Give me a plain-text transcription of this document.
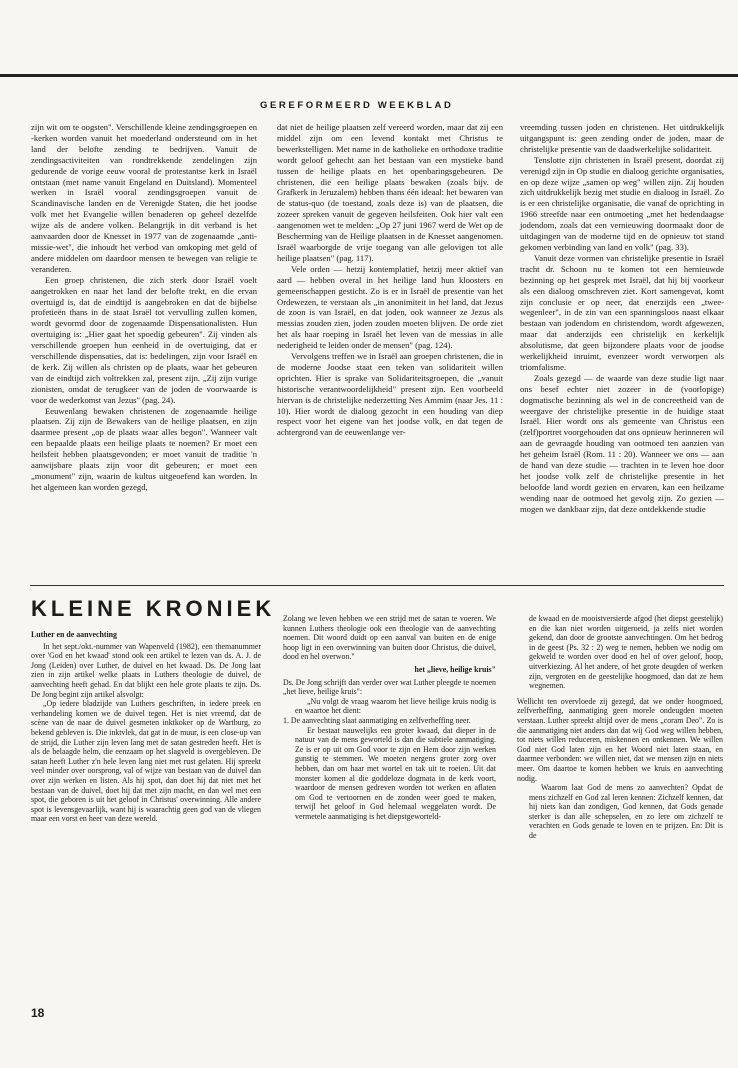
GEREFORMEERD WEEKBLAD

zijn wit om te oogsten". Verschillende kleine zendingsgroepen en -kerken worden vanuit het moederland ondersteund om in het land der belofte zending te bedrijven. Vanuit de zendingsactiviteiten van rondtrekkende zendelingen zijn gedurende de vorige eeuw vooral de protestantse kerk in Israël ontstaan (met name vanuit Engeland en Duitsland). Momenteel werken in Israël vooral zendingsgroepen vanuit de Scandinavische landen en de Verenigde Staten, die het joodse volk met het Evangelie willen benaderen op geheel dezelfde wijze als de andere volken. Belangrijk in dit verband is het aanvaarden door de Knesset in 1977 van de zogenaamde „anti-missie-wet", die inhoudt het verbod van omkoping met geld of andere middelen om daardoor mensen te bewegen van religie te veranderen.

Een groep christenen, die zich sterk door Israël voelt aangetrokken en naar het land der belofte trekt, en die ervan overtuigd is, dat de eindtijd is aangebroken en dat de bijbelse profetieën thans in de staat Israël tot vervulling zullen komen, wordt gevormd door de zogenaamde Dispensationalisten. Hun overtuiging is: „Hier gaat het spoedig gebeuren". Zij vinden als verschillende groepen hun eenheid in de overtuiging, dat er verschillende dispensaties, dat is: bedelingen, zijn voor Israël en de kerk. Zij willen als christen op de plaats, waar het gebeuren van de eindtijd zich voltrekken zal, present zijn. „Zij zijn vurige zionisten, omdat de terugkeer van de joden de voorwaarde is voor de wederkomst van Jezus" (pag. 24).

Eeuwenlang bewaken christenen de zogenaamde heilige plaatsen. Zij zijn de Bewakers van de heilige plaatsen, en zijn daarmee present „op de plaats waar alles begon". Wanneer valt een bepaalde plaats een heilige plaats te noemen? Er moet een heilsfeit hebben plaatsgevonden; er moet vanuit de traditie 'n aanwijsbare plaats zijn voor dit gebeuren; er moet een „monument" zijn, waarin de kultus uitgeoefend kan worden. In het algemeen kan worden gezegd,

dat niet de heilige plaatsen zelf vereerd worden, maar dat zij een middel zijn om een levend kontakt met Christus te bewerkstelligen. Met name in de katholieke en orthodoxe traditie wordt geloof gehecht aan het bestaan van een mystieke band tussen de heilige plaats en het openbaringsgebeuren. De christenen, die een heilige plaats bewaken (zoals bijv. de Grafkerk in Jeruzalem) hebben thans één ideaal: het bewaren van de status-quo (de toestand, zoals deze is) van de plaatsen, die zozeer spreken vanuit de gegeven heilsfeiten. Ook hier valt een aangenomen wet te melden: „Op 27 juni 1967 werd de Wet op de Bescherming van de Heilige plaatsen in de Knesset aangenomen. Israël waarborgde de vrije toegang van alle gelovigen tot alle heilige plaatsen" (pag. 117).

Vele orden — hetzij kontemplatief, hetzij meer aktief van aard — hebben overal in het heilige land hun kloosters en gemeenschappen gesticht. Zo is er in Israël de presentie van het Ordewezen, te verstaan als „in anonimiteit in het land, dat Jezus de zoon is van Israël, en dat joden, ook wanneer ze Jezus als messias zouden zien, joden zouden moeten blijven. De orde ziet het als haar roeping in Israël het leven van de messias in alle nederigheid te leiden onder de mensen" (pag. 124).

Vervolgens treffen we in Israël aan groepen christenen, die in de moderne Joodse staat een teken van solidariteit willen oprichten. Hier is sprake van Solidariteitsgroepen, die „vanuit historische verantwoordelijkheid" present zijn. Een voorbeeld hiervan is de christelijke nederzetting Nes Ammim (naar Jes. 11 : 10). Hier wordt de dialoog gezocht in een houding van diep respect voor het eigene van het joodse volk, en dat tegen de achtergrond van de eeuwenlange ver-

vreemding tussen joden en christenen. Het uitdrukkelijk uitgangspunt is: geen zending onder de joden, maar de christelijke presentie van de daadwerkelijke solidariteit.

Tenslotte zijn christenen in Israël present, doordat zij verenigd zijn in Op studie en dialoog gerichte organisaties, en op deze wijze „samen op weg" willen zijn. Zij houden zich uitdrukkelijk bezig met studie en dialoog in Israël. Zo is er een christelijke organisatie, die vanaf de oprichting in 1966 streefde naar een ontmoeting „met het hedendaagse jodendom, zoals dat een vernieuwing doormaakt door de uitdagingen van de moderne tijd en de opnieuw tot stand gekomen verbinding van land en volk" (pag. 33).

Vanuit deze vormen van christelijke presentie in Israël tracht dr. Schoon nu te komen tot een hernieuwde bezinning op het gesprek met Israël, dat hij bij voorkeur als een dialoog omschreven ziet. Kort samengevat, komt zijn conclusie er op neer, dat enerzijds een „twee-wegenleer", in de zin van een spanningsloos naast elkaar bestaan van jodendom en christendom, wordt afgewezen, maar dat anderzijds een christelijk en kerkelijk absolutisme, dat geen bijzondere plaats voor de joodse werkelijkheid inruimt, evenzeer wordt verworpen als triomfalisme.

Zoals gezegd — de waarde van deze studie ligt naar ons besef echter niet zozeer in de (voorlopige) dogmatische bezinning als wel in de concreetheid van de weergave der christelijke presentie in de huidige staat Israël. Hier wordt ons als gemeente van Christus een (zelf)portret voorgehouden dat ons opnieuw herinneren wil aan de gevraagde houding van ootmoed ten aanzien van het geheim Israël (Rom. 11 : 20). Wanneer we ons — aan de hand van deze studie — trachten in te leven hoe door het joodse volk zelf de christelijke presentie in het beloofde land wordt gezien en ervaren, kan een heilzame wending naar de ootmoed het gevolg zijn. Zo gezien — mogen we dankbaar zijn, dat deze ontdekkende studie

KLEINE KRONIEK

Luther en de aanvechting

In het sept./okt.-nummer van Wapenveld (1982), een themanummer over 'God en het kwaad' stond ook een artikel te lezen van ds. A. J. de Jong (Leiden) over Luther, de duivel en het kwaad. Ds. De Jong laat zien in zijn artikel welke plaats in Luthers theologie de duivel, de aanvechting heeft gehad. En dat blijkt een hele grote plaats te zijn. Ds. De Jong begint zijn artikel alsvolgt:

„Op iedere bladzijde van Luthers geschriften, in iedere preek en verhandeling komen we de duivel tegen. Het is niet vreemd, dat de scène van de naar de duivel gesmeten inktkoker op de Wartburg, zo bekend gebleven is. Die inktvlek, dat gat in de muur, is een close-up van de strijd, die Luther zijn leven lang met de satan gestreden heeft. Het is als de belaagde helm, die eenzaam op het slagveld is overgebleven. De satan heeft Luther z'n hele leven lang niet met rust gelaten. Hij spreekt veel minder over oorsprong, val of wijze van bestaan van de duivel dan over zijn werken en listen. Als hij spot, dan doet hij dat niet met het bestaan van de duivel, doet hij dat met zijn macht, en dan wel met een spot, die geboren is uit het geloof in Christus' overwinning. Alle andere spot is levensgevaarlijk, want hij is waarachtig geen god van de vliegen maar een vorst en heer van deze wereld.

Zolang we leven hebben we een strijd met de satan te voeren. We kunnen Luthers theologie ook een theologie van de aanvechting noemen. Dit woord duidt op een aanval van buiten en de enige hoop ligt in een overwinning van buiten door Christus, die duivel, dood en hel overwon."

het „lieve, heilige kruis"

Ds. De Jong schrijft dan verder over wat Luther pleegde te noemen „het lieve, heilige kruis":

„Nu volgt de vraag waarom het lieve heilige kruis nodig is en waartoe het dient:

1. De aanvechting slaat aanmatiging en zelfverheffing neer.

Er bestaat nauwelijks een groter kwaad, dat dieper in de natuur van de mens geworteld is dan die subtiele aanmatiging. Ze is er op uit om God voor te zijn en Hem door zijn werken gunstig te stemmen. We moeten nergens groter zorg over hebben, dan om haar met wortel en tak uit te roeien. Uit dat monster komen al die goddeloze dogmata in de kerk voort, waardoor de mensen gedreven worden tot werken en aflaten om God te vertoornen en de zonden weer goed te maken, terwijl het geloof in God helemaal weggelaten wordt. De vermetele aanmatiging is het diepstgeworteld-

de kwaad en de mooistversierde afgod (het diepst geestelijk) en die kan niet worden uitgeroeid, ja zelfs niet worden gekend, dan door de grootste aanvechtingen. Om het bedrog in de geest (Ps. 32 : 2) weg te nemen, hebben we nodig om gekweld te worden over dood en hel of over geloof, hoop, uitverkiezing. Al het andere, of het grote deugden of werken zijn, vergroten en de geestelijke hoogmoed, dan dat ze hem wegnemen.

Wellicht ten overvloede zij gezegd, dat we onder hoogmoed, zelfverheffing, aanmatiging geen morele ondeugden moeten verstaan. Luther spreekt altijd over de mens „coram Deo". Zo is die aanmatiging niet anders dan dat wij God weg willen hebben, tot niets willen reduceren, miskennen en ontkennen. We willen God niet God laten zijn en het Woord niet laten staan, en daarmee verbonden: we willen niet, dat we mensen zijn en niets meer. Om daartoe te komen hebben we kruis en aanvechting nodig.

Waarom laat God de mens zo aanvechten? Opdat de mens zichzelf en God zal leren kennen: Zichzelf kennen, dat hij niets kan dan zondigen, God kennen, dat Gods genade sterker is dan alle schepselen, en zo lere om zichzelf te verachten en Gods genade te loven en te prijzen. En: Dit is de

18
